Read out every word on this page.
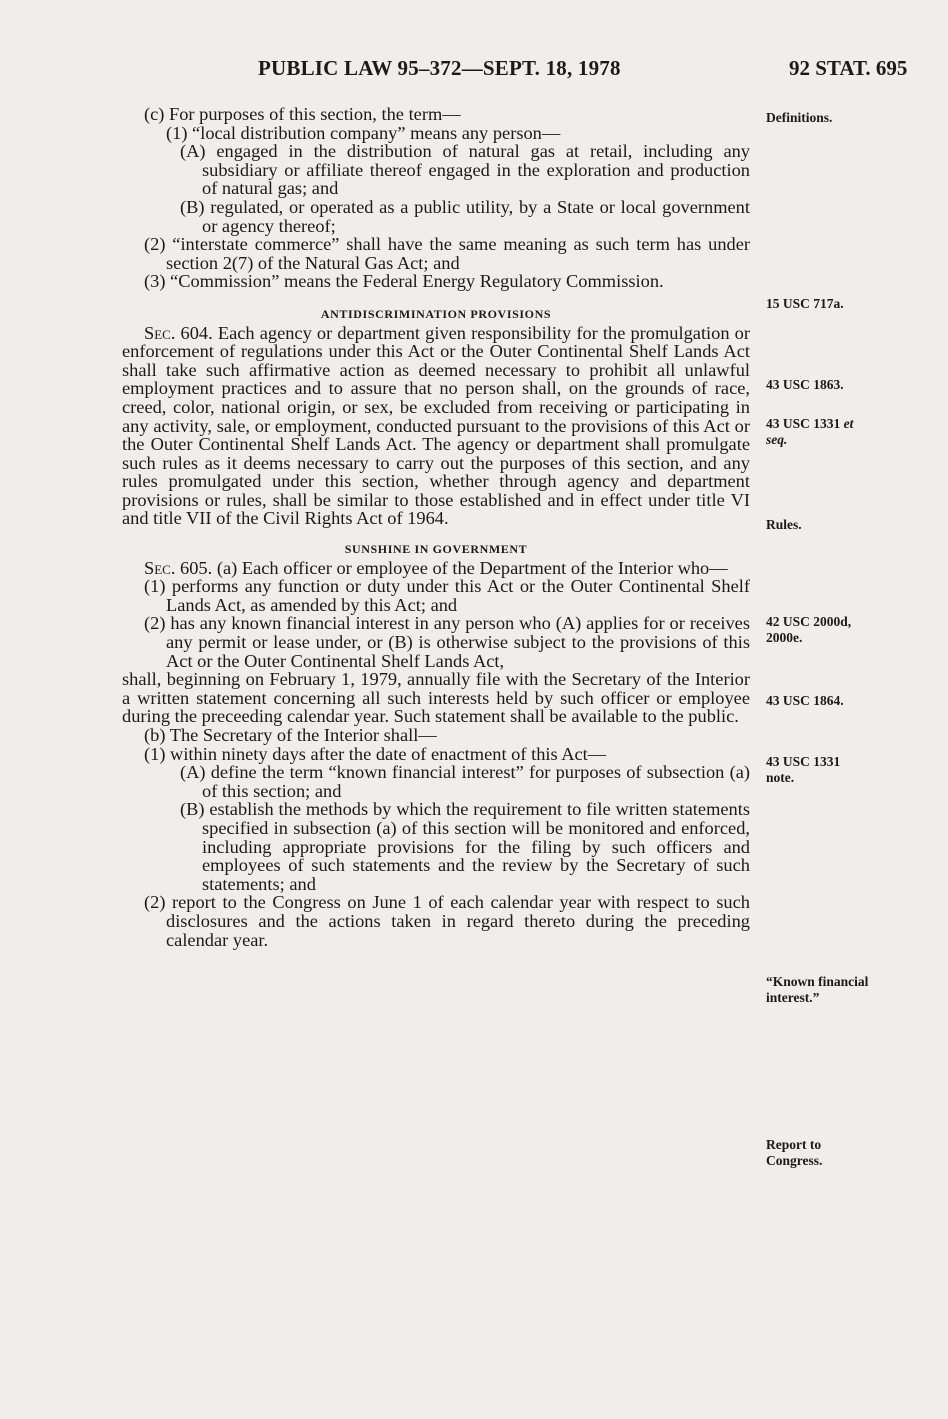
PUBLIC LAW 95–372—SEPT. 18, 1978	92 STAT. 695

(c) For purposes of this section, the term—

(1) “local distribution company” means any person—

(A) engaged in the distribution of natural gas at retail, including any subsidiary or affiliate thereof engaged in the exploration and production of natural gas; and

(B) regulated, or operated as a public utility, by a State or local government or agency thereof;

(2) “interstate commerce” shall have the same meaning as such term has under section 2(7) of the Natural Gas Act; and

(3) “Commission” means the Federal Energy Regulatory Commission.

ANTIDISCRIMINATION PROVISIONS

Sec. 604. Each agency or department given responsibility for the promulgation or enforcement of regulations under this Act or the Outer Continental Shelf Lands Act shall take such affirmative action as deemed necessary to prohibit all unlawful employment practices and to assure that no person shall, on the grounds of race, creed, color, national origin, or sex, be excluded from receiving or participating in any activity, sale, or employment, conducted pursuant to the provisions of this Act or the Outer Continental Shelf Lands Act. The agency or department shall promulgate such rules as it deems necessary to carry out the purposes of this section, and any rules promulgated under this section, whether through agency and department provisions or rules, shall be similar to those established and in effect under title VI and title VII of the Civil Rights Act of 1964.

SUNSHINE IN GOVERNMENT

Sec. 605. (a) Each officer or employee of the Department of the Interior who—

(1) performs any function or duty under this Act or the Outer Continental Shelf Lands Act, as amended by this Act; and

(2) has any known financial interest in any person who (A) applies for or receives any permit or lease under, or (B) is otherwise subject to the provisions of this Act or the Outer Continental Shelf Lands Act,

shall, beginning on February 1, 1979, annually file with the Secretary of the Interior a written statement concerning all such interests held by such officer or employee during the preceeding calendar year. Such statement shall be available to the public.

(b) The Secretary of the Interior shall—

(1) within ninety days after the date of enactment of this Act—

(A) define the term “known financial interest” for purposes of subsection (a) of this section; and

(B) establish the methods by which the requirement to file written statements specified in subsection (a) of this section will be monitored and enforced, including appropriate provisions for the filing by such officers and employees of such statements and the review by the Secretary of such statements; and

(2) report to the Congress on June 1 of each calendar year with respect to such disclosures and the actions taken in regard thereto during the preceding calendar year.

Definitions.
15 USC 717a.
43 USC 1863.
43 USC 1331 et
seq.
Rules.
42 USC 2000d,
2000e.
43 USC 1864.
43 USC 1331
note.
“Known financial
interest.”
Report to
Congress.
